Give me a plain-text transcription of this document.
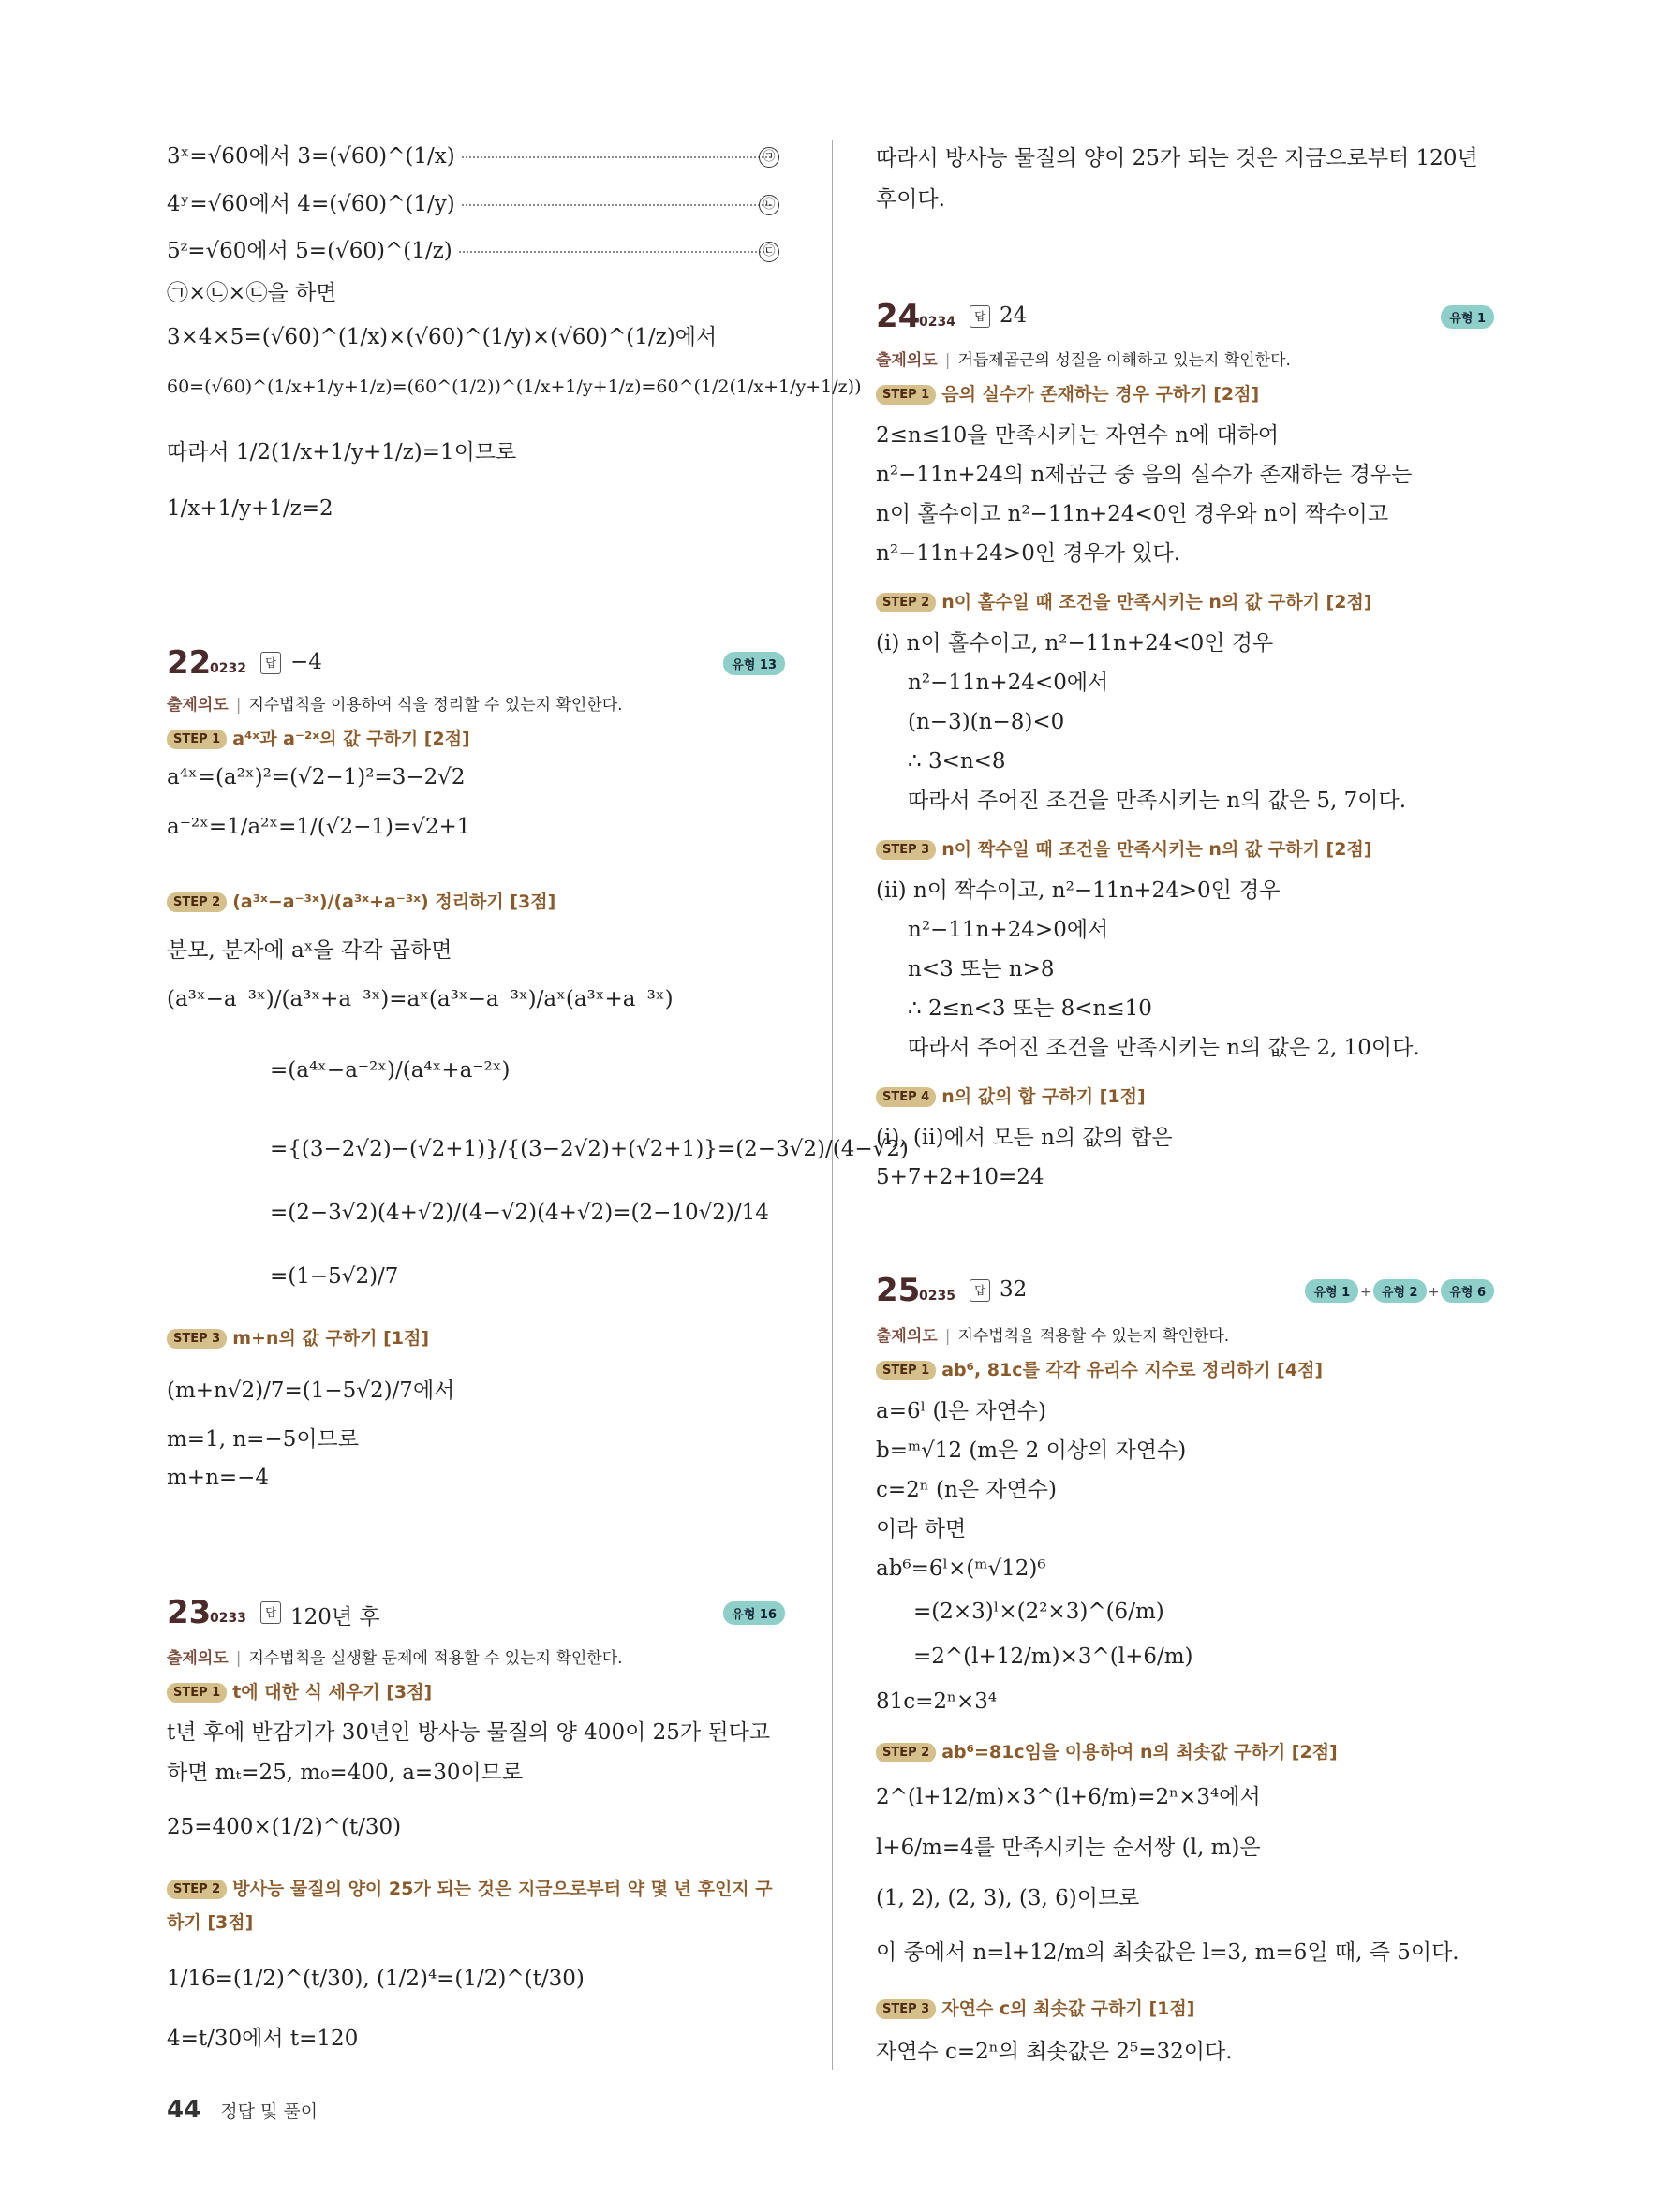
3ˣ=√60에서 3=(√60)^(1/x)	㉠
4ʸ=√60에서 4=(√60)^(1/y)	㉡
5ᶻ=√60에서 5=(√60)^(1/z)	㉢
㉠×㉡×㉢을 하면
3×4×5=(√60)^(1/x)×(√60)^(1/y)×(√60)^(1/z)에서
60=(√60)^(1/x+1/y+1/z)=(60^(1/2))^(1/x+1/y+1/z)=60^(1/2(1/x+1/y+1/z))
따라서 1/2(1/x+1/y+1/z)=1이므로
1/x+1/y+1/z=2
22
0232	답 −4	유형 13
출제의도 | 지수법칙을 이용하여 식을 정리할 수 있는지 확인한다.
STEP 1 a⁴ˣ과 a⁻²ˣ의 값 구하기 [2점]
a⁴ˣ=(a²ˣ)²=(√2−1)²=3−2√2
a⁻²ˣ=1/a²ˣ=1/(√2−1)=√2+1
STEP 2 (a³ˣ−a⁻³ˣ)/(a³ˣ+a⁻³ˣ) 정리하기 [3점]
분모, 분자에 aˣ을 각각 곱하면
(a³ˣ−a⁻³ˣ)/(a³ˣ+a⁻³ˣ)=aˣ(a³ˣ−a⁻³ˣ)/aˣ(a³ˣ+a⁻³ˣ)
=(a⁴ˣ−a⁻²ˣ)/(a⁴ˣ+a⁻²ˣ)
={(3−2√2)−(√2+1)}/{(3−2√2)+(√2+1)}=(2−3√2)/(4−√2)
=(2−3√2)(4+√2)/(4−√2)(4+√2)=(2−10√2)/14
=(1−5√2)/7
STEP 3 m+n의 값 구하기 [1점]
(m+n√2)/7=(1−5√2)/7에서
m=1, n=−5이므로
m+n=−4
23
0233	답 120년 후	유형 16
출제의도 | 지수법칙을 실생활 문제에 적용할 수 있는지 확인한다.
STEP 1 t에 대한 식 세우기 [3점]
t년 후에 반감기가 30년인 방사능 물질의 양 400이 25가 된다고
하면 mₜ=25, m₀=400, a=30이므로
25=400×(1/2)^(t/30)
STEP 2 방사능 물질의 양이 25가 되는 것은 지금으로부터 약 몇 년 후인지 구
하기 [3점]
1/16=(1/2)^(t/30), (1/2)⁴=(1/2)^(t/30)
4=t/30에서 t=120
따라서 방사능 물질의 양이 25가 되는 것은 지금으로부터 120년
후이다.
24
0234	답 24	유형 1
출제의도 | 거듭제곱근의 성질을 이해하고 있는지 확인한다.
STEP 1 음의 실수가 존재하는 경우 구하기 [2점]
2≤n≤10을 만족시키는 자연수 n에 대하여
n²−11n+24의 n제곱근 중 음의 실수가 존재하는 경우는
n이 홀수이고 n²−11n+24<0인 경우와 n이 짝수이고
n²−11n+24>0인 경우가 있다.
STEP 2 n이 홀수일 때 조건을 만족시키는 n의 값 구하기 [2점]
(ⅰ) n이 홀수이고, n²−11n+24<0인 경우
n²−11n+24<0에서
(n−3)(n−8)<0
∴ 3<n<8
따라서 주어진 조건을 만족시키는 n의 값은 5, 7이다.
STEP 3 n이 짝수일 때 조건을 만족시키는 n의 값 구하기 [2점]
(ⅱ) n이 짝수이고, n²−11n+24>0인 경우
n²−11n+24>0에서
n<3 또는 n>8
∴ 2≤n<3 또는 8<n≤10
따라서 주어진 조건을 만족시키는 n의 값은 2, 10이다.
STEP 4 n의 값의 합 구하기 [1점]
(ⅰ), (ⅱ)에서 모든 n의 값의 합은
5+7+2+10=24
25
0235	답 32	유형 1 + 유형 2 + 유형 6
출제의도 | 지수법칙을 적용할 수 있는지 확인한다.
STEP 1 ab⁶, 81c를 각각 유리수 지수로 정리하기 [4점]
a=6ˡ (l은 자연수)
b=ᵐ√12 (m은 2 이상의 자연수)
c=2ⁿ (n은 자연수)
이라 하면
ab⁶=6ˡ×(ᵐ√12)⁶
=(2×3)ˡ×(2²×3)^(6/m)
=2^(l+12/m)×3^(l+6/m)
81c=2ⁿ×3⁴
STEP 2 ab⁶=81c임을 이용하여 n의 최솟값 구하기 [2점]
2^(l+12/m)×3^(l+6/m)=2ⁿ×3⁴에서
l+6/m=4를 만족시키는 순서쌍 (l, m)은
(1, 2), (2, 3), (3, 6)이므로
이 중에서 n=l+12/m의 최솟값은 l=3, m=6일 때, 즉 5이다.
STEP 3 자연수 c의 최솟값 구하기 [1점]
자연수 c=2ⁿ의 최솟값은 2⁵=32이다.
44 정답 및 풀이
